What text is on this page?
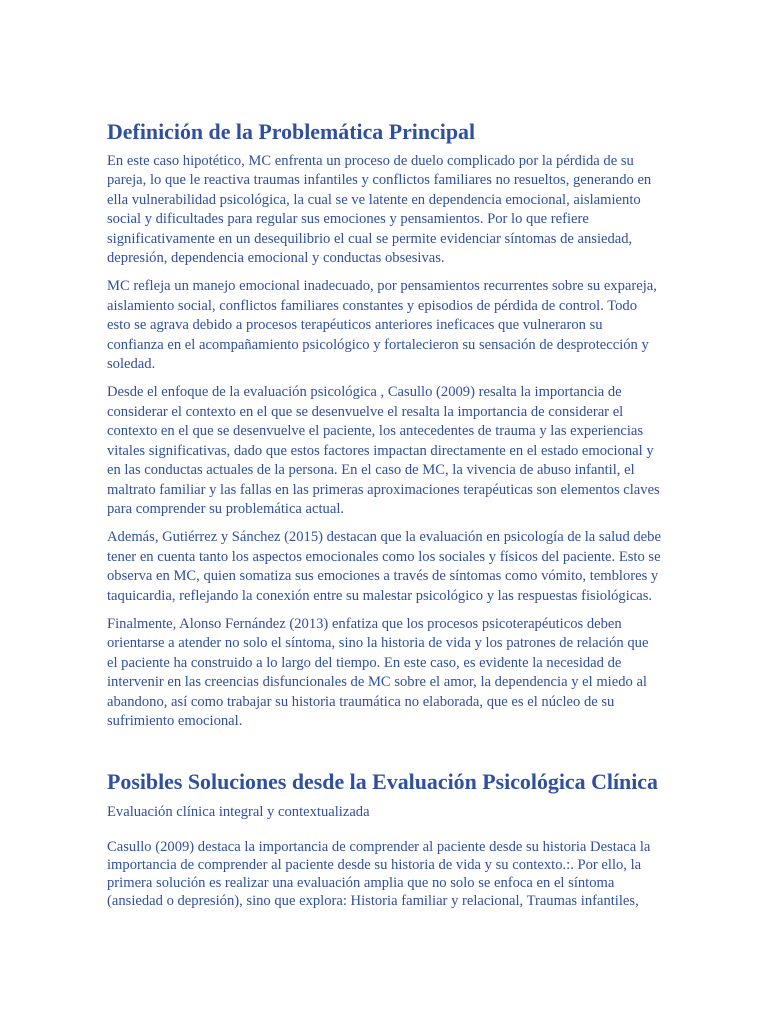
Definición de la Problemática Principal

En este caso hipotético, MC enfrenta un proceso de duelo complicado por la pérdida de su pareja, lo que le reactiva traumas infantiles y conflictos familiares no resueltos, generando en ella vulnerabilidad psicológica, la cual se ve latente en dependencia emocional, aislamiento social y dificultades para regular sus emociones y pensamientos. Por lo que refiere significativamente en un desequilibrio el cual se permite evidenciar síntomas de ansiedad, depresión, dependencia emocional y conductas obsesivas.

MC refleja un manejo emocional inadecuado, por pensamientos recurrentes sobre su expareja, aislamiento social, conflictos familiares constantes y episodios de pérdida de control. Todo esto se agrava debido a procesos terapéuticos anteriores ineficaces que vulneraron su confianza en el acompañamiento psicológico y fortalecieron su sensación de desprotección y soledad.

Desde el enfoque de la evaluación psicológica , Casullo (2009) resalta la importancia de considerar el contexto en el que se desenvuelve el resalta la importancia de considerar el contexto en el que se desenvuelve el paciente, los antecedentes de trauma y las experiencias vitales significativas, dado que estos factores impactan directamente en el estado emocional y en las conductas actuales de la persona. En el caso de MC, la vivencia de abuso infantil, el maltrato familiar y las fallas en las primeras aproximaciones terapéuticas son elementos claves para comprender su problemática actual.

Además, Gutiérrez y Sánchez (2015) destacan que la evaluación en psicología de la salud debe tener en cuenta tanto los aspectos emocionales como los sociales y físicos del paciente. Esto se observa en MC, quien somatiza sus emociones a través de síntomas como vómito, temblores y taquicardia, reflejando la conexión entre su malestar psicológico y las respuestas fisiológicas.

Finalmente, Alonso Fernández (2013) enfatiza que los procesos psicoterapéuticos deben orientarse a atender no solo el síntoma, sino la historia de vida y los patrones de relación que el paciente ha construido a lo largo del tiempo. En este caso, es evidente la necesidad de intervenir en las creencias disfuncionales de MC sobre el amor, la dependencia y el miedo al abandono, así como trabajar su historia traumática no elaborada, que es el núcleo de su sufrimiento emocional.

Posibles Soluciones desde la Evaluación Psicológica Clínica
Evaluación clínica integral y contextualizada

Casullo (2009) destaca la importancia de comprender al paciente desde su historia Destaca la importancia de comprender al paciente desde su historia de vida y su contexto.:. Por ello, la primera solución es realizar una evaluación amplia que no solo se enfoca en el síntoma (ansiedad o depresión), sino que explora: Historia familiar y relacional, Traumas infantiles,
